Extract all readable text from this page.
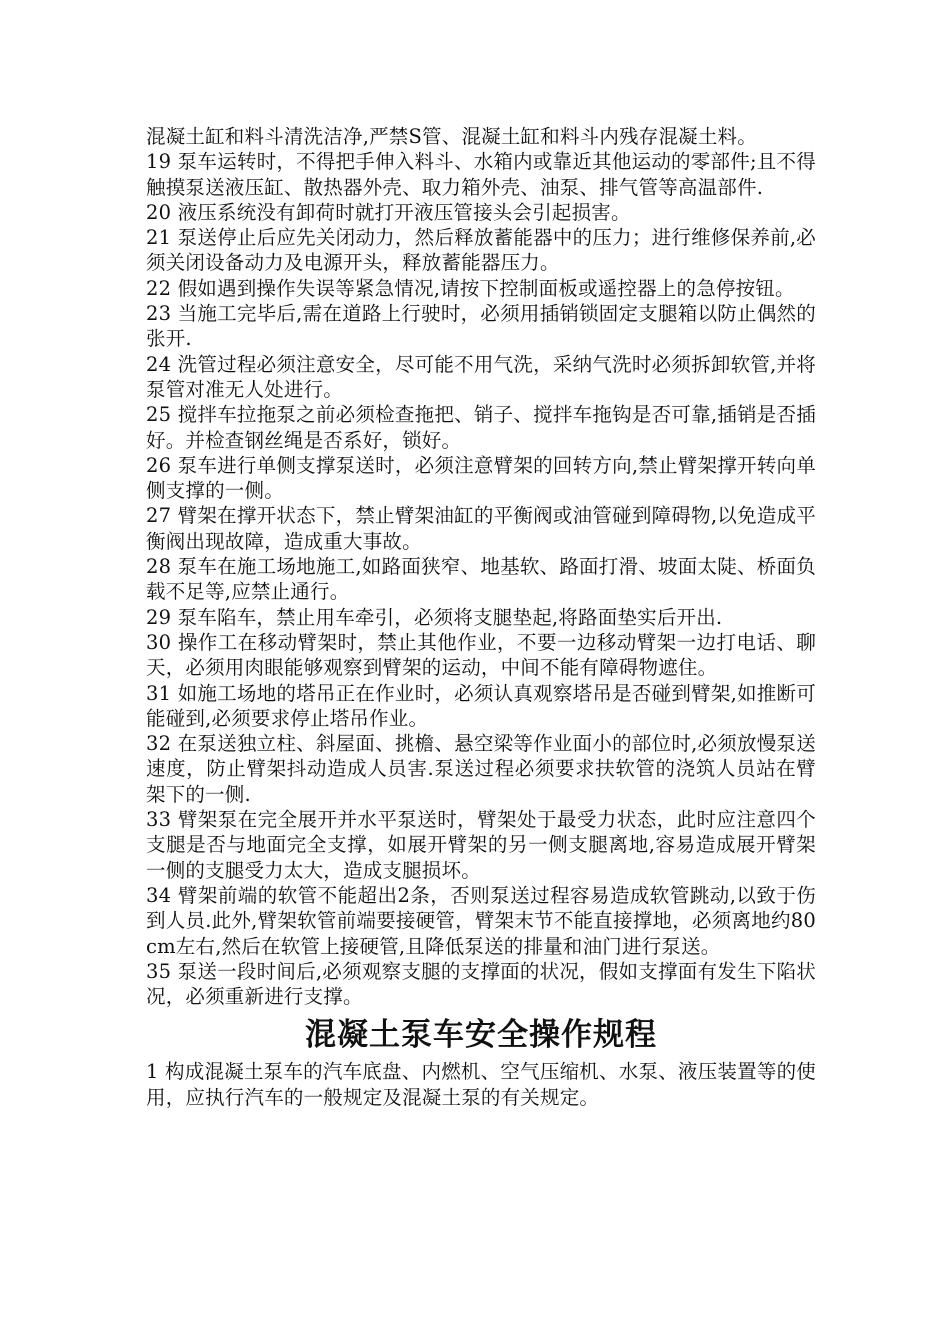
混凝土缸和料斗清洗洁净,严禁S管、混凝土缸和料斗内残存混凝土料。

19 泵车运转时，不得把手伸入料斗、水箱内或靠近其他运动的零部件;且不得触摸泵送液压缸、散热器外壳、取力箱外壳、油泵、排气管等高温部件.

20 液压系统没有卸荷时就打开液压管接头会引起损害。

21 泵送停止后应先关闭动力，然后释放蓄能器中的压力；进行维修保养前,必须关闭设备动力及电源开头，释放蓄能器压力。

22 假如遇到操作失误等紧急情况,请按下控制面板或遥控器上的急停按钮。

23 当施工完毕后,需在道路上行驶时，必须用插销锁固定支腿箱以防止偶然的张开.

24 洗管过程必须注意安全，尽可能不用气洗，采纳气洗时必须拆卸软管,并将泵管对准无人处进行。

25 搅拌车拉拖泵之前必须检查拖把、销子、搅拌车拖钩是否可靠,插销是否插好。并检查钢丝绳是否系好，锁好。

26 泵车进行单侧支撑泵送时，必须注意臂架的回转方向,禁止臂架撑开转向单侧支撑的一侧。

27 臂架在撑开状态下，禁止臂架油缸的平衡阀或油管碰到障碍物,以免造成平衡阀出现故障，造成重大事故。

28 泵车在施工场地施工,如路面狭窄、地基软、路面打滑、坡面太陡、桥面负载不足等,应禁止通行。

29 泵车陷车，禁止用车牵引，必须将支腿垫起,将路面垫实后开出.

30 操作工在移动臂架时，禁止其他作业，不要一边移动臂架一边打电话、聊天，必须用肉眼能够观察到臂架的运动，中间不能有障碍物遮住。

31 如施工场地的塔吊正在作业时，必须认真观察塔吊是否碰到臂架,如推断可能碰到,必须要求停止塔吊作业。

32 在泵送独立柱、斜屋面、挑檐、悬空梁等作业面小的部位时,必须放慢泵送速度，防止臂架抖动造成人员害.泵送过程必须要求扶软管的浇筑人员站在臂架下的一侧.

33 臂架泵在完全展开并水平泵送时，臂架处于最受力状态，此时应注意四个支腿是否与地面完全支撑，如展开臂架的另一侧支腿离地,容易造成展开臂架一侧的支腿受力太大，造成支腿损坏。

34 臂架前端的软管不能超出2条，否则泵送过程容易造成软管跳动,以致于伤到人员.此外,臂架软管前端要接硬管，臂架末节不能直接撑地，必须离地约80cm左右,然后在软管上接硬管,且降低泵送的排量和油门进行泵送。

35 泵送一段时间后,必须观察支腿的支撑面的状况，假如支撑面有发生下陷状况，必须重新进行支撑。

混凝土泵车安全操作规程

1 构成混凝土泵车的汽车底盘、内燃机、空气压缩机、水泵、液压装置等的使用，应执行汽车的一般规定及混凝土泵的有关规定。
